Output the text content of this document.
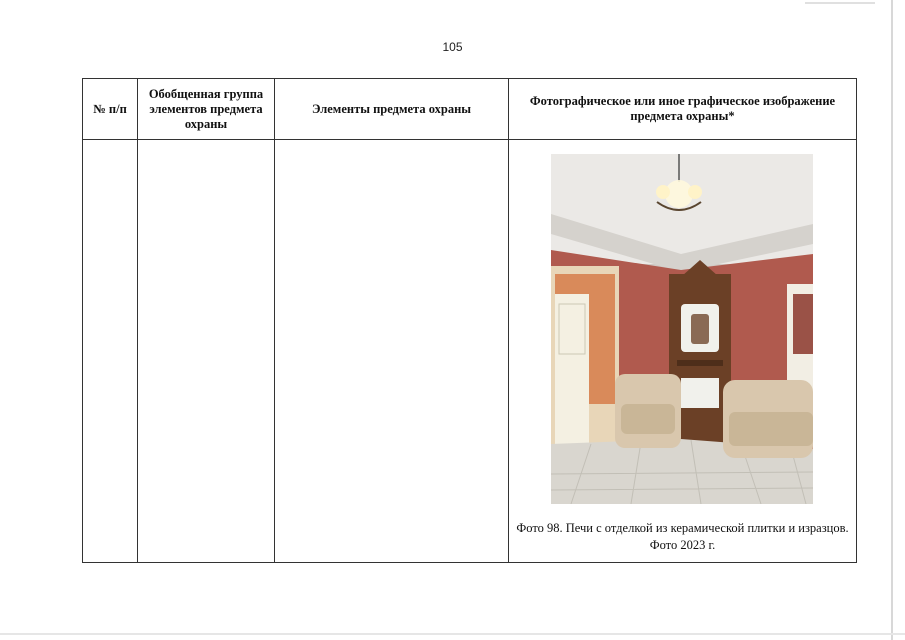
105
№ п/п	Обобщенная группа элементов предмета охраны	Элементы предмета охраны	Фотографическое или иное графическое изображение предмета охраны*

			Фото 98. Печи с отделкой из керамической плитки и изразцов. Фото 2023 г.
